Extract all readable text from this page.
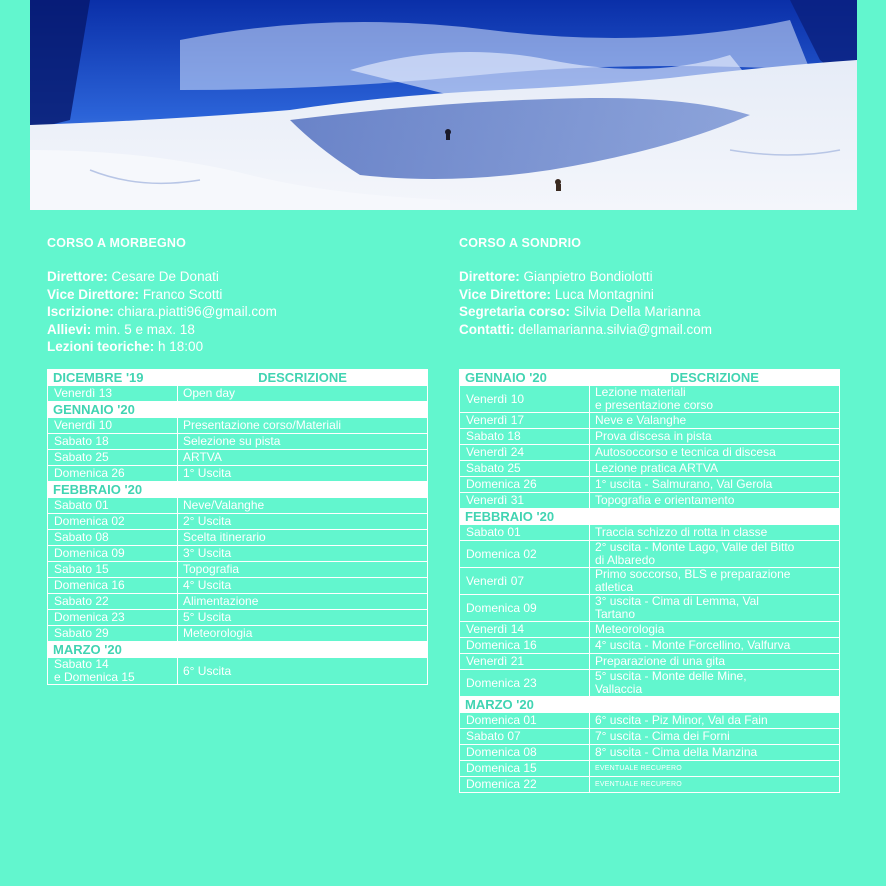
CORSO A MORBEGNO
Direttore: Cesare De Donati
Vice Direttore: Franco Scotti
Iscrizione: chiara.piatti96@gmail.com
Allievi: min. 5 e max. 18
Lezioni teoriche: h 18:00
CORSO A SONDRIO
Direttore: Gianpietro Bondiolotti
Vice Direttore: Luca Montagnini
Segretaria corso: Silvia Della Marianna
Contatti: dellamarianna.silvia@gmail.com
DICEMBRE '19	DESCRIZIONE
Venerdì 13	Open day
GENNAIO '20	
Venerdì 10	Presentazione corso/Materiali
Sabato 18	Selezione su pista
Sabato 25	ARTVA
Domenica 26	1° Uscita
FEBBRAIO '20	
Sabato 01	Neve/Valanghe
Domenica 02	2° Uscita
Sabato 08	Scelta itinerario
Domenica 09	3° Uscita
Sabato 15	Topografia
Domenica 16	4° Uscita
Sabato 22	Alimentazione
Domenica 23	5° Uscita
Sabato 29	Meteorologia
MARZO '20	
Sabato 14
e Domenica 15	6° Uscita
GENNAIO '20	DESCRIZIONE
Venerdì 10	Lezione materiali
e presentazione corso
Venerdì 17	Neve e Valanghe
Sabato 18	Prova discesa in pista
Venerdì 24	Autosoccorso e tecnica di discesa
Sabato 25	Lezione pratica ARTVA
Domenica 26	1° uscita - Salmurano, Val Gerola
Venerdì 31	Topografia e orientamento
FEBBRAIO '20	
Sabato 01	Traccia schizzo di rotta in classe
Domenica 02	2° uscita - Monte Lago, Valle del Bitto
di Albaredo
Venerdì 07	Primo soccorso, BLS e preparazione
atletica
Domenica 09	3° uscita - Cima di Lemma, Val
Tartano
Venerdì 14	Meteorologia
Domenica 16	4° uscita - Monte Forcellino, Valfurva
Venerdì 21	Preparazione di una gita
Domenica 23	5° uscita - Monte delle Mine,
Vallaccia
MARZO '20	
Domenica 01	6° uscita - Piz Minor, Val da Fain
Sabato 07	7° uscita - Cima dei Forni
Domenica 08	8° uscita - Cima della Manzina
Domenica 15	EVENTUALE RECUPERO
Domenica 22	EVENTUALE RECUPERO
